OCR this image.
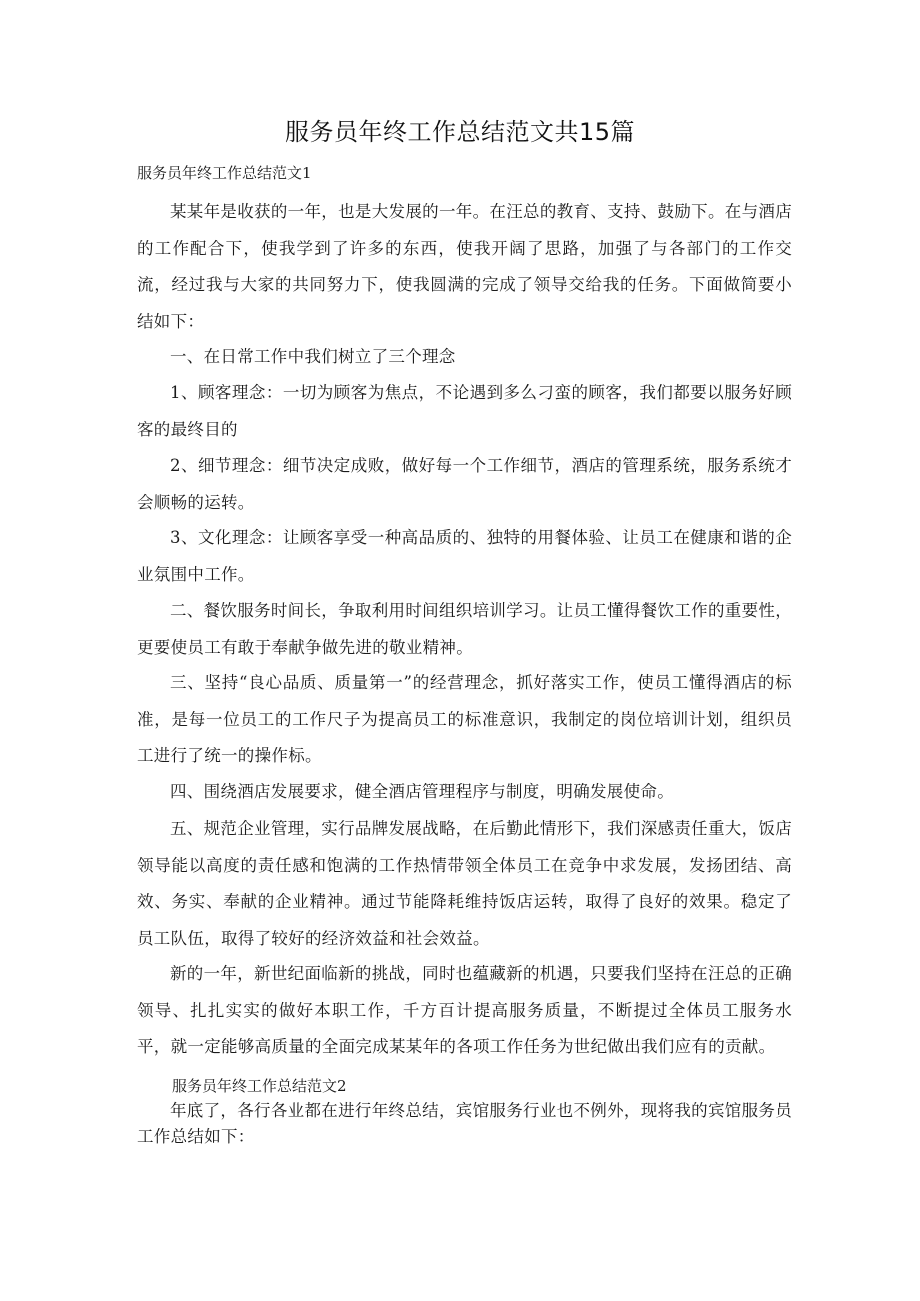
服务员年终工作总结范文共15篇
服务员年终工作总结范文1

某某年是收获的一年，也是大发展的一年。在汪总的教育、支持、鼓励下。在与酒店的工作配合下，使我学到了许多的东西，使我开阔了思路，加强了与各部门的工作交流，经过我与大家的共同努力下，使我圆满的完成了领导交给我的任务。下面做简要小结如下：

一、在日常工作中我们树立了三个理念

1、顾客理念：一切为顾客为焦点，不论遇到多么刁蛮的顾客，我们都要以服务好顾客的最终目的

2、细节理念：细节决定成败，做好每一个工作细节，酒店的管理系统，服务系统才会顺畅的运转。

3、文化理念：让顾客享受一种高品质的、独特的用餐体验、让员工在健康和谐的企业氛围中工作。

二、餐饮服务时间长，争取利用时间组织培训学习。让员工懂得餐饮工作的重要性，更要使员工有敢于奉献争做先进的敬业精神。

三、坚持“良心品质、质量第一”的经营理念，抓好落实工作，使员工懂得酒店的标准，是每一位员工的工作尺子为提高员工的标准意识，我制定的岗位培训计划，组织员工进行了统一的操作标。

四、围绕酒店发展要求，健全酒店管理程序与制度，明确发展使命。

五、规范企业管理，实行品牌发展战略，在后勤此情形下，我们深感责任重大，饭店领导能以高度的责任感和饱满的工作热情带领全体员工在竞争中求发展，发扬团结、高效、务实、奉献的企业精神。通过节能降耗维持饭店运转，取得了良好的效果。稳定了员工队伍，取得了较好的经济效益和社会效益。

新的一年，新世纪面临新的挑战，同时也蕴藏新的机遇，只要我们坚持在汪总的正确领导、扎扎实实的做好本职工作，千方百计提高服务质量，不断提过全体员工服务水平，就一定能够高质量的全面完成某某年的各项工作任务为世纪做出我们应有的贡献。

服务员年终工作总结范文2

年底了，各行各业都在进行年终总结，宾馆服务行业也不例外，现将我的宾馆服务员工作总结如下：
